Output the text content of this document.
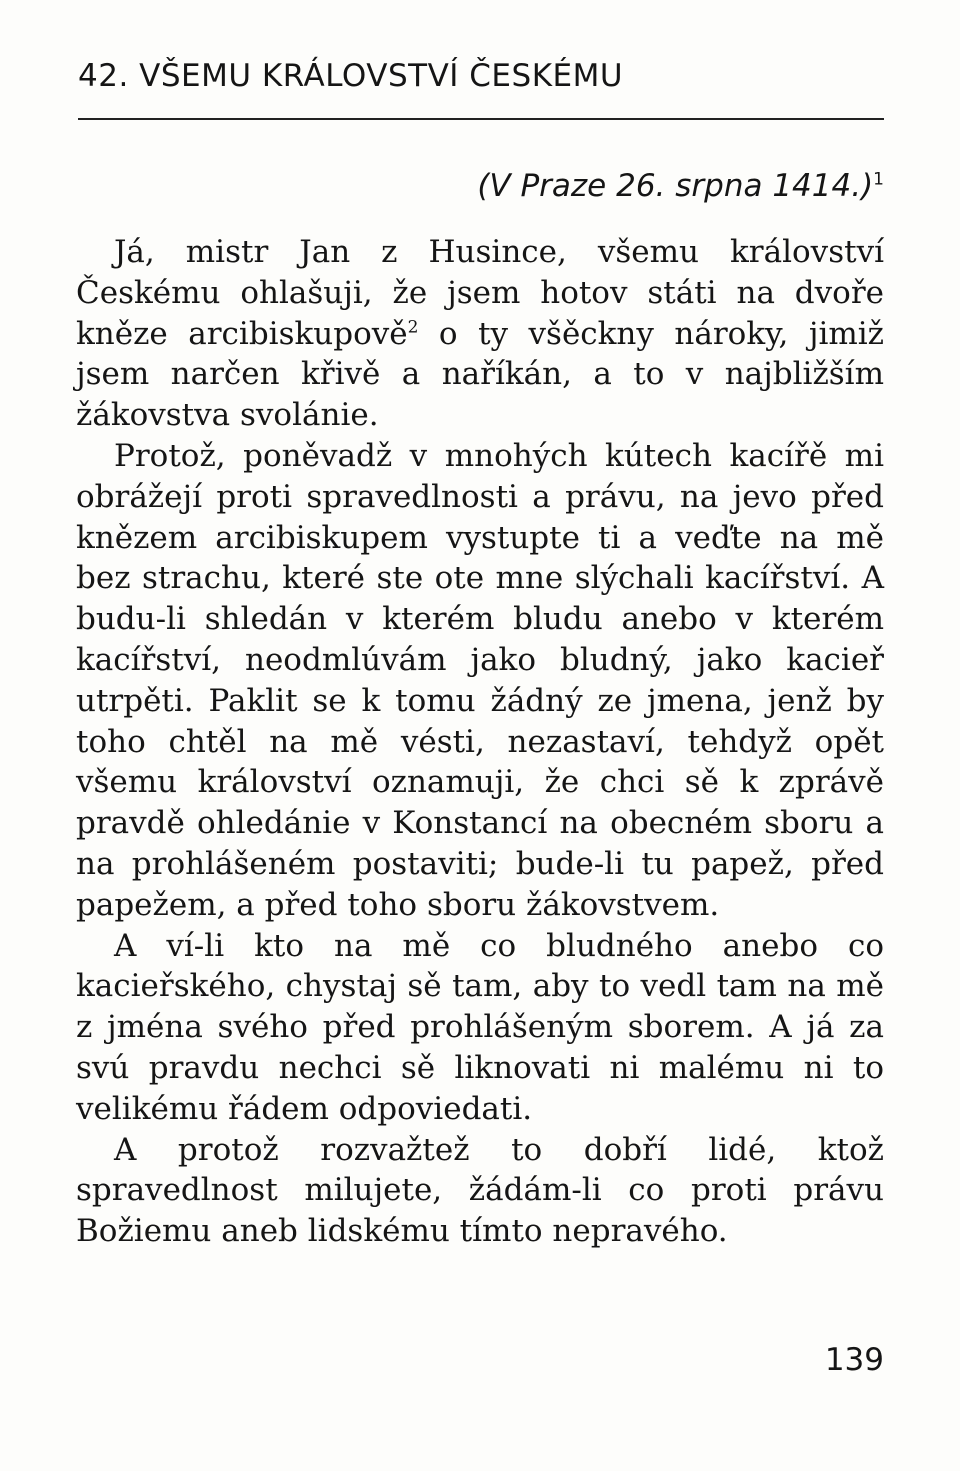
42. VŠEMU KRÁLOVSTVÍ ČESKÉMU
(V Praze 26. srpna 1414.)$^1$

Já, mistr Jan z Husince, všemu království Českému ohlašuji, že jsem hotov státi na dvoře kněze arcibiskupově$^2$ o ty všěckny nároky, jimiž jsem narčen křivě a naříkán, a to v najbližším žákovstva svolánie.

Protož, poněvadž v mnohých kútech kacířě mi obrážejí proti spravedlnosti a právu, na jevo před knězem arcibiskupem vystupte ti a veďte na mě bez strachu, které ste ote mne slýchali kacířství. A budu-li shledán v kterém bludu anebo v kterém kacířství, neodmlúvám jako bludný, jako kacieř utrpěti. Paklit se k tomu žádný ze jmena, jenž by toho chtěl na mě vésti, nezastaví, tehdyž opět všemu království oznamuji, že chci sě k zprávě pravdě ohledánie v Konstancí na obecném sboru a na prohlášeném postaviti; bude-li tu papež, před papežem, a před toho sboru žákovstvem.

A ví-li kto na mě co bludného anebo co kacieřského, chystaj sě tam, aby to vedl tam na mě z jména svého před prohlášeným sborem. A já za svú pravdu nechci sě liknovati ni malému ni to velikému řádem odpoviedati.

A protož rozvažtež to dobří lidé, ktož spravedlnost milujete, žádám-li co proti právu Božiemu aneb lidskému tímto nepravého.

139
